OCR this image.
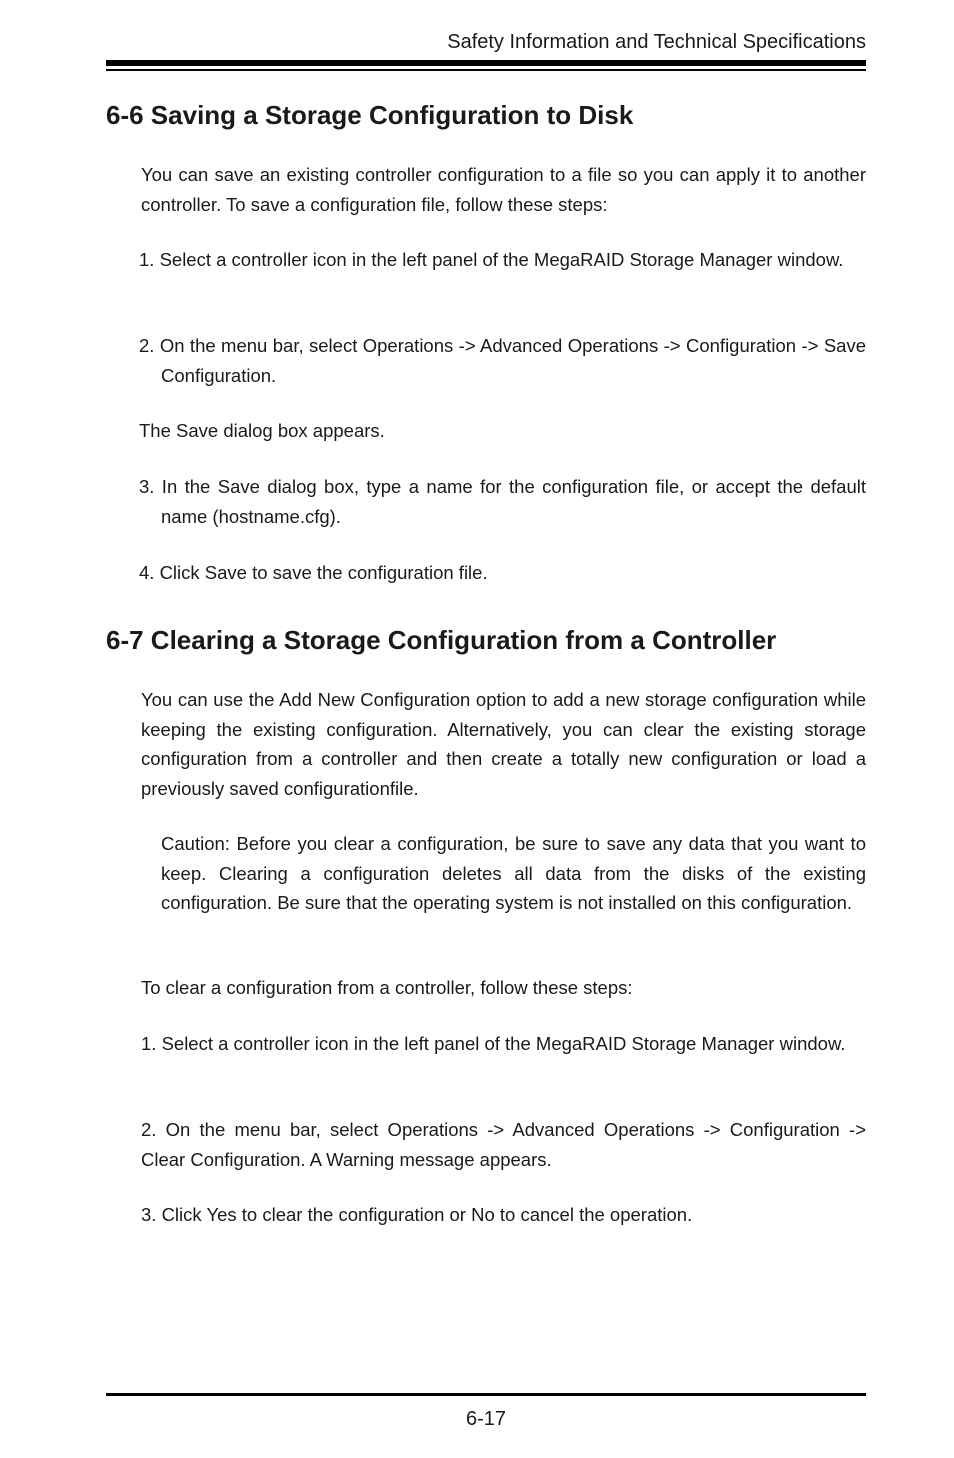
Safety Information and Technical Specifications
6-6 Saving a Storage Configuration to Disk

You can save an existing controller configuration to a file so you can apply it to another controller. To save a configuration file, follow these steps:

1. Select a controller icon in the left panel of the MegaRAID Storage Manager window.

2. On the menu bar, select Operations -> Advanced Operations -> Configuration -> Save Configuration.

The Save dialog box appears.

3. In the Save dialog box, type a name for the configuration file, or accept the default name (hostname.cfg).

4. Click Save to save the configuration file.

6-7 Clearing a Storage Configuration from a Controller

You can use the Add New Configuration option to add a new storage configuration while keeping the existing configuration. Alternatively, you can clear the existing storage configuration from a controller and then create a totally new configuration or load a previously saved configurationfile.

Caution: Before you clear a configuration, be sure to save any data that you want to keep. Clearing a configuration deletes all data from the disks of the existing configuration. Be sure that the operating system is not installed on this configuration.

To clear a configuration from a controller, follow these steps:

1. Select a controller icon in the left panel of the MegaRAID Storage Manager window.

2. On the menu bar, select Operations -> Advanced Operations -> Configuration -> Clear Configuration. A Warning message appears.

3. Click Yes to clear the configuration or No to cancel the operation.

6-17
